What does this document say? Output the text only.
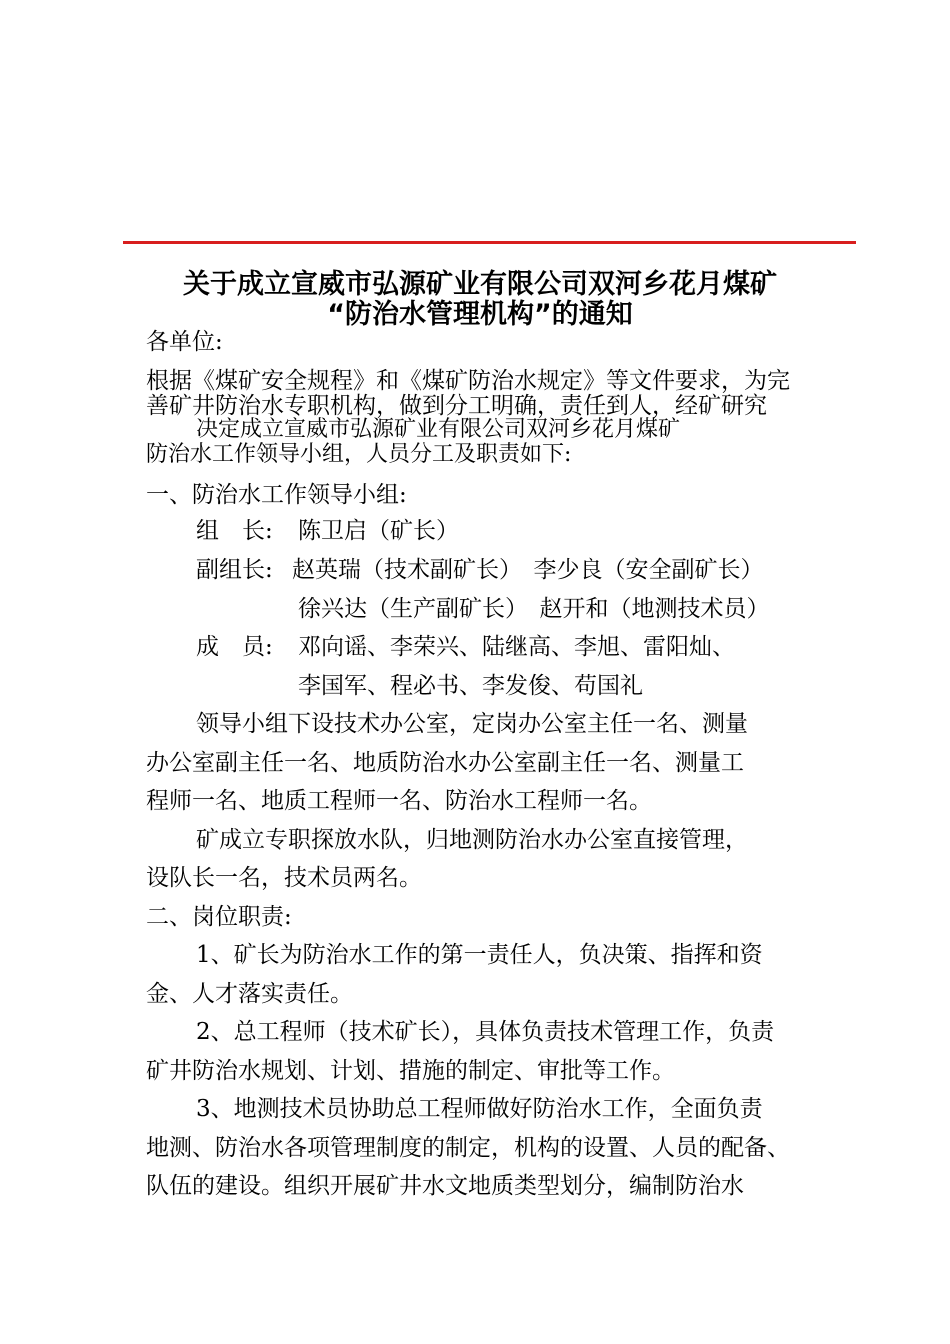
关于成立宣威市弘源矿业有限公司双河乡花月煤矿
“防治水管理机构”的通知
各单位:
根据《煤矿安全规程》和《煤矿防治水规定》等文件要求，为完
善矿井防治水专职机构，做到分工明确，责任到人，经矿研究
决定成立宣威市弘源矿业有限公司双河乡花月煤矿
防治水工作领导小组，人员分工及职责如下:
一、防治水工作领导小组:
组　长: 陈卫启（矿长）
副组长: 赵英瑞（技术副矿长）　李少良（安全副矿长）
徐兴达（生产副矿长）　赵开和（地测技术员）
成　员: 邓向谣、李荣兴、陆继高、李旭、雷阳灿、
李国军、程必书、李发俊、苟国礼
领导小组下设技术办公室，定岗办公室主任一名、测量
办公室副主任一名、地质防治水办公室副主任一名、测量工
程师一名、地质工程师一名、防治水工程师一名。
矿成立专职探放水队，归地测防治水办公室直接管理，
设队长一名，技术员两名。
二、岗位职责:
1、矿长为防治水工作的第一责任人，负决策、指挥和资
金、人才落实责任。
2、总工程师（技术矿长），具体负责技术管理工作，负责
矿井防治水规划、计划、措施的制定、审批等工作。
3、地测技术员协助总工程师做好防治水工作，全面负责
地测、防治水各项管理制度的制定，机构的设置、人员的配备、
队伍的建设。组织开展矿井水文地质类型划分，编制防治水
